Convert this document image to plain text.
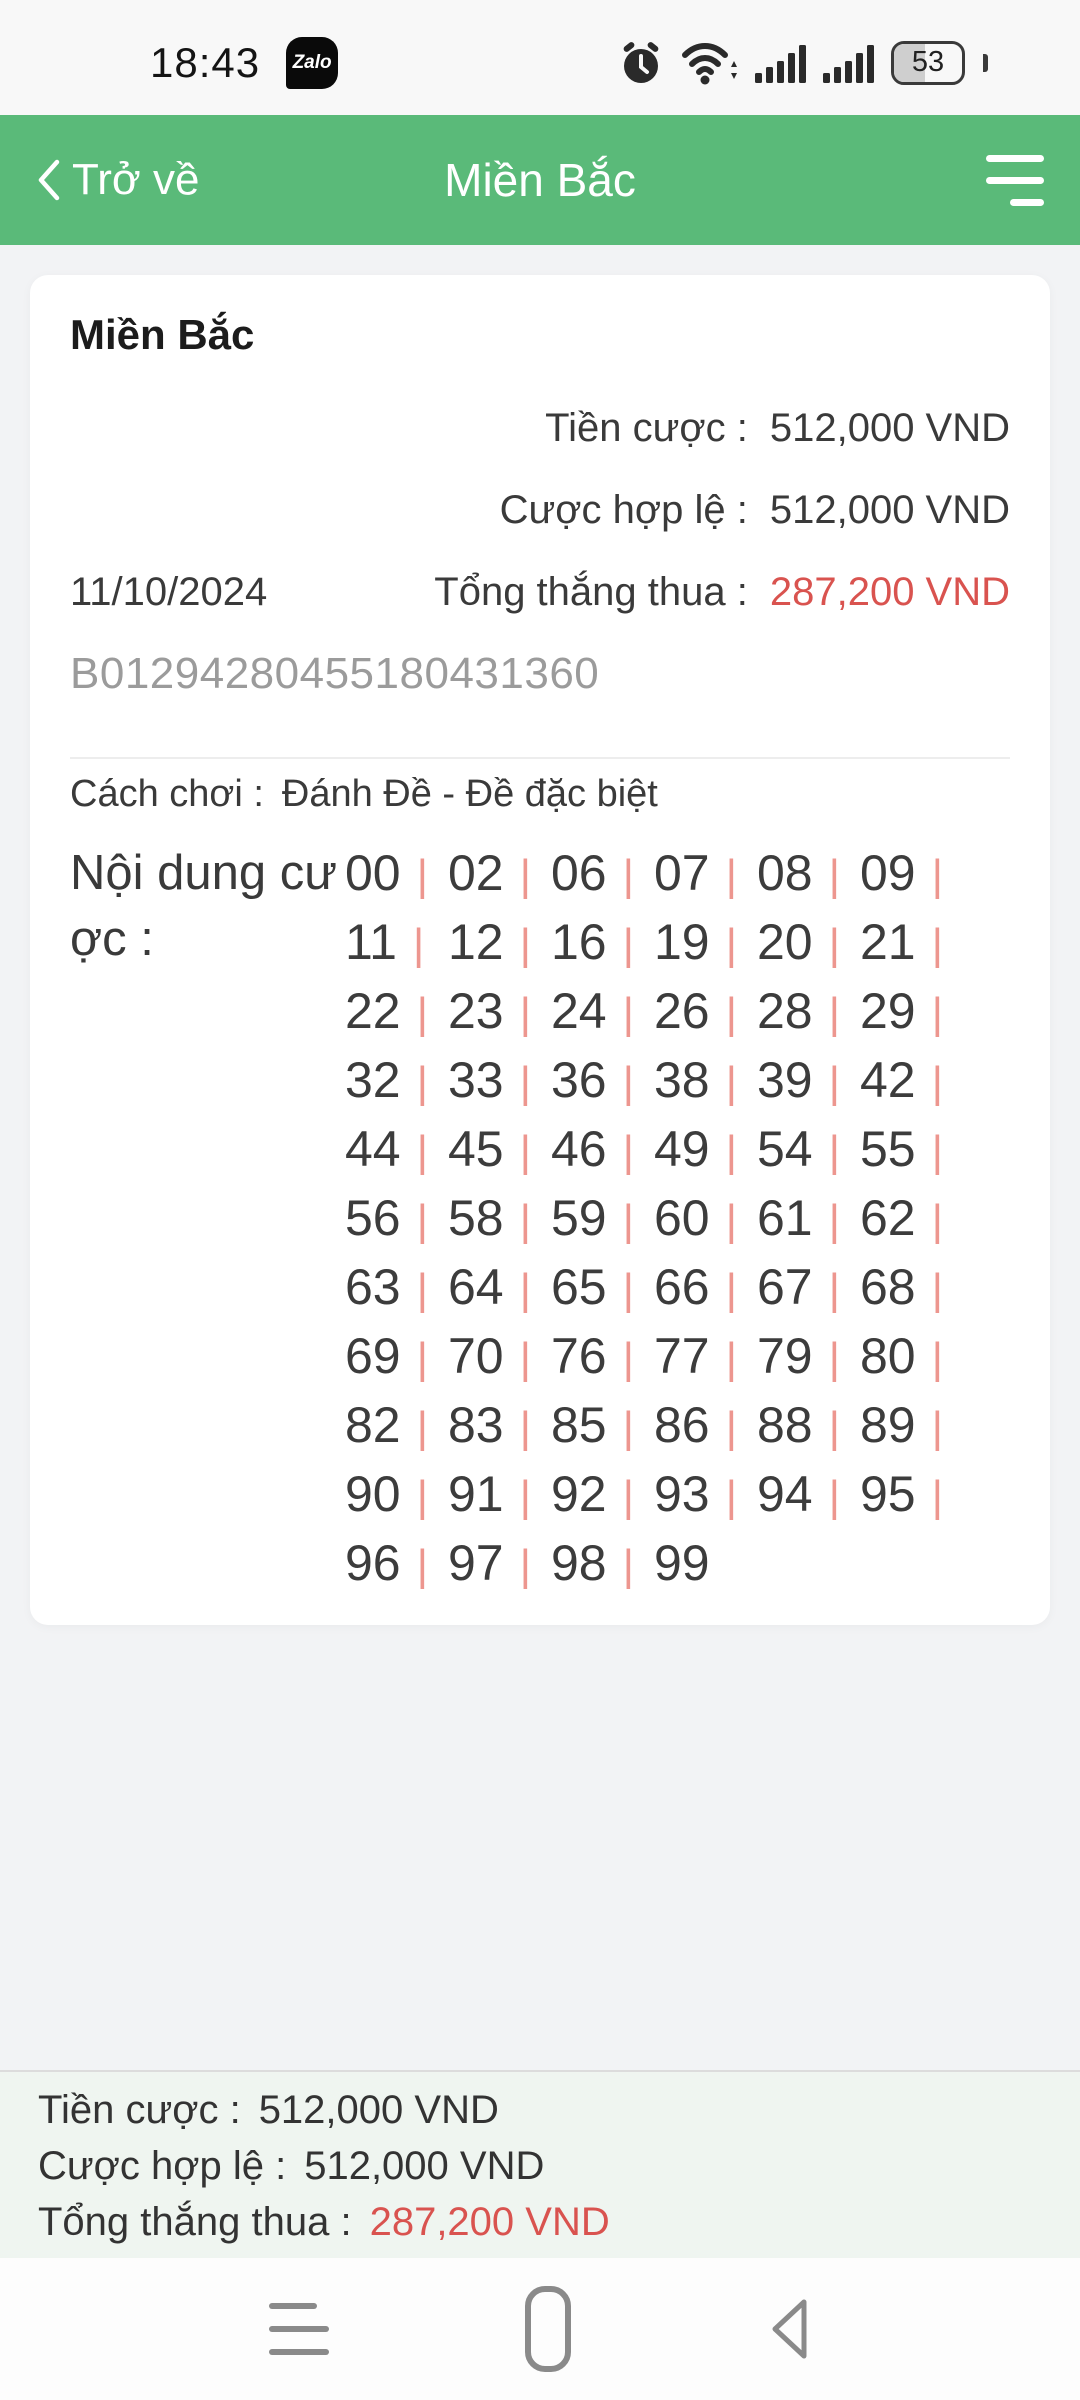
18:43 Zalo	53
Trở về	Miền Bắc
Miền Bắc
Tiền cược : 512,000 VND
Cược hợp lệ : 512,000 VND
11/10/2024	Tổng thắng thua : 287,200 VND
B01294280455180431360
Cách chơi : Đánh Đề - Đề đặc biệt
Nội dung cược :
00 | 02 | 06 | 07 | 08 | 09 |
11 | 12 | 16 | 19 | 20 | 21 |
22 | 23 | 24 | 26 | 28 | 29 |
32 | 33 | 36 | 38 | 39 | 42 |
44 | 45 | 46 | 49 | 54 | 55 |
56 | 58 | 59 | 60 | 61 | 62 |
63 | 64 | 65 | 66 | 67 | 68 |
69 | 70 | 76 | 77 | 79 | 80 |
82 | 83 | 85 | 86 | 88 | 89 |
90 | 91 | 92 | 93 | 94 | 95 |
96 | 97 | 98 | 99
Tiền cược : 512,000 VND
Cược hợp lệ : 512,000 VND
Tổng thắng thua : 287,200 VND
